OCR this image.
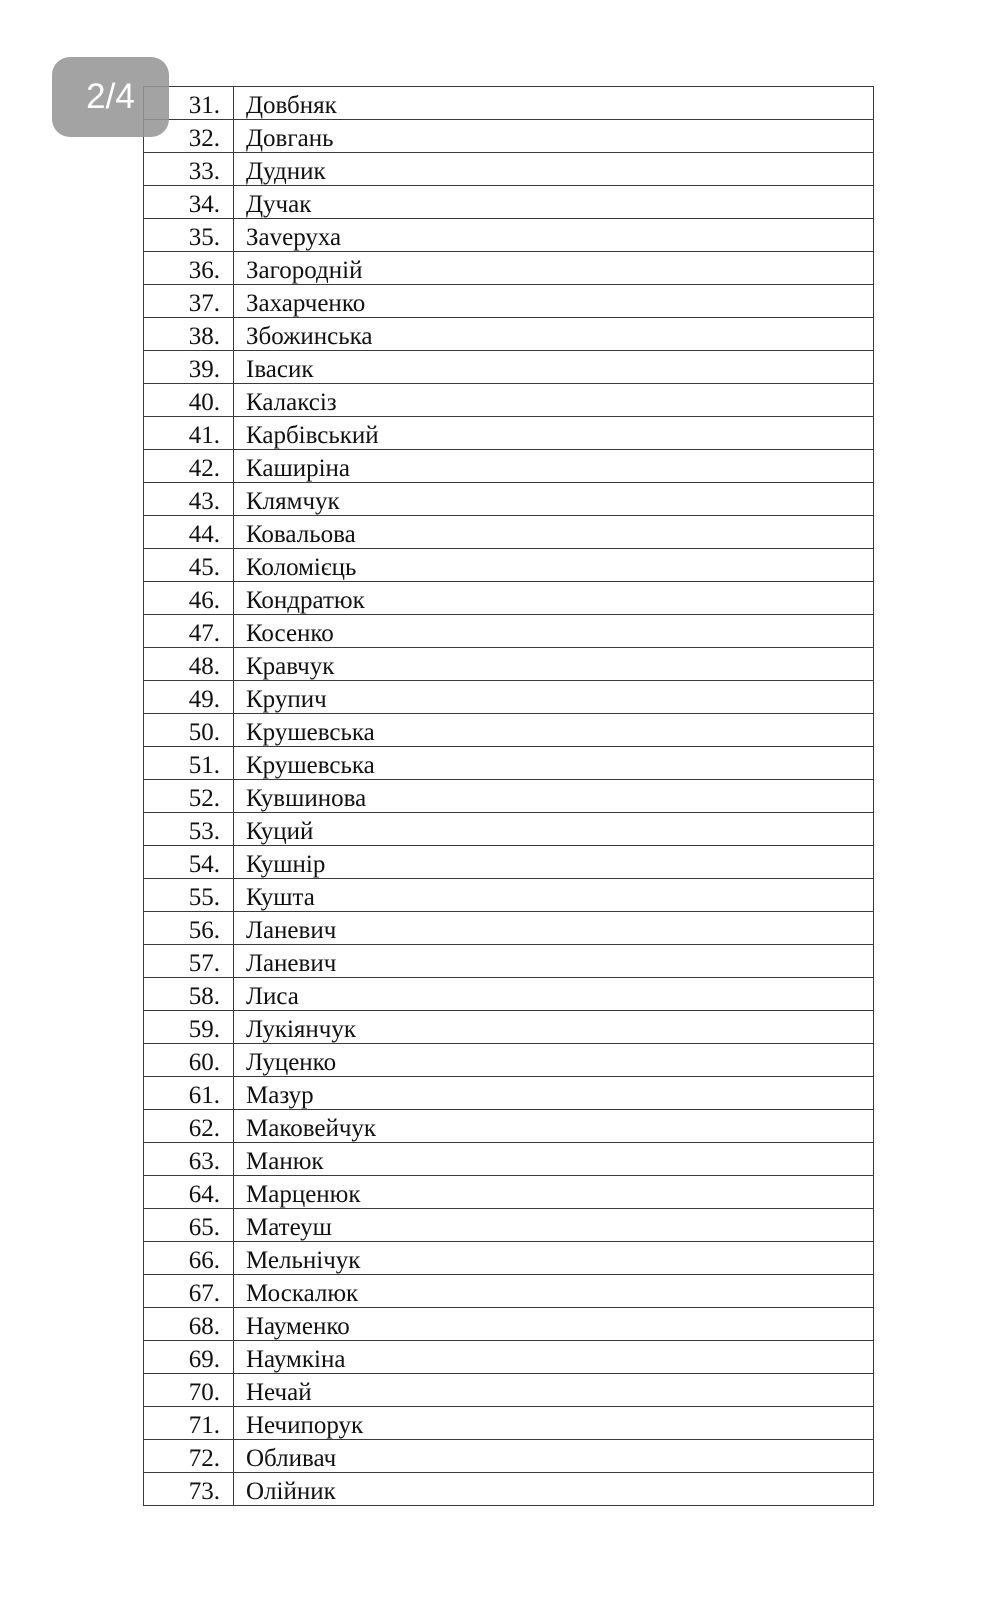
2/4	31.	Довбняк
32.	Довгань
33.	Дудник
34.	Дучак
35.	Заveруха
36.	Загородній
37.	Захарченко
38.	Збожинська
39.	Івасик
40.	Калаксіз
41.	Карбівський
42.	Каширіна
43.	Клямчук
44.	Ковальова
45.	Коломієць
46.	Кондратюк
47.	Косенко
48.	Кравчук
49.	Крупич
50.	Крушевська
51.	Крушевська
52.	Кувшинова
53.	Куций
54.	Кушнір
55.	Кушта
56.	Ланевич
57.	Ланевич
58.	Лиса
59.	Лукіянчук
60.	Луценко
61.	Мазур
62.	Маковейчук
63.	Манюк
64.	Марценюк
65.	Матеуш
66.	Мельнічук
67.	Москалюк
68.	Науменко
69.	Наумкіна
70.	Нечай
71.	Нечипорук
72.	Обливач
73.	Олійник
